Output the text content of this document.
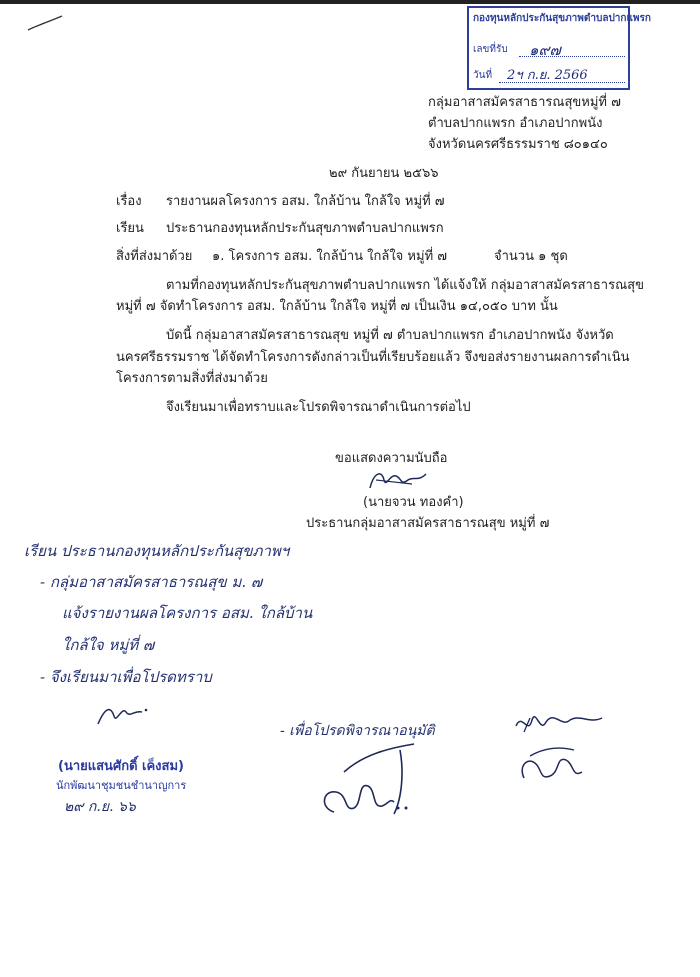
กองทุนหลักประกันสุขภาพตำบลปากแพรก
เลขที่รับ ๑๙๗
วันที่ 2ฯ ก.ย. 2566
กลุ่มอาสาสมัครสาธารณสุขหมู่ที่ ๗
ตำบลปากแพรก อำเภอปากพนัง
จังหวัดนครศรีธรรมราช ๘๐๑๔๐
๒๙ กันยายน ๒๕๖๖
เรื่อง รายงานผลโครงการ อสม. ใกล้บ้าน ใกล้ใจ หมู่ที่ ๗
เรียน ประธานกองทุนหลักประกันสุขภาพตำบลปากแพรก
สิ่งที่ส่งมาด้วย ๑. โครงการ อสม. ใกล้บ้าน ใกล้ใจ หมู่ที่ ๗	จำนวน ๑ ชุด
ตามที่กองทุนหลักประกันสุขภาพตำบลปากแพรก ได้แจ้งให้ กลุ่มอาสาสมัครสาธารณสุข
หมู่ที่ ๗ จัดทำโครงการ อสม. ใกล้บ้าน ใกล้ใจ หมู่ที่ ๗ เป็นเงิน ๑๔,๐๕๐ บาท นั้น
บัดนี้ กลุ่มอาสาสมัครสาธารณสุข หมู่ที่ ๗ ตำบลปากแพรก อำเภอปากพนัง จังหวัด
นครศรีธรรมราช ได้จัดทำโครงการดังกล่าวเป็นที่เรียบร้อยแล้ว จึงขอส่งรายงานผลการดำเนิน
โครงการตามสิ่งที่ส่งมาด้วย
จึงเรียนมาเพื่อทราบและโปรดพิจารณาดำเนินการต่อไป
ขอแสดงความนับถือ
(นายจวน ทองคำ)
ประธานกลุ่มอาสาสมัครสาธารณสุข หมู่ที่ ๗
เรียน ประธานกองทุนหลักประกันสุขภาพฯ
- กลุ่มอาสาสมัครสาธารณสุข ม. ๗
แจ้งรายงานผลโครงการ อสม. ใกล้บ้าน
ใกล้ใจ หมู่ที่ ๗
- จึงเรียนมาเพื่อโปรดทราบ
(นายแสนศักดิ์ เค็งสม)
นักพัฒนาชุมชนชำนาญการ
๒๙ ก.ย. ๖๖
- เพื่อโปรดพิจารณาอนุมัติ
